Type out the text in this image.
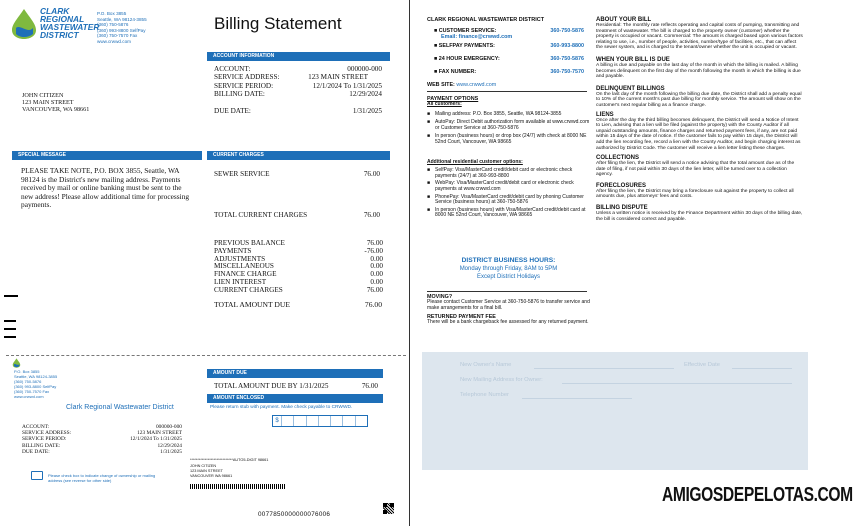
CLARK
REGIONAL
WASTEWATER
DISTRICT
P.O. Box 3855
Seattle, WA 98124-3855
(360) 750-5876
(360) 993-8800 SelfPay
(360) 750-7570 Fax
www.crwwd.com
Billing Statement
ACCOUNT INFORMATION
ACCOUNT:	000000-000
SERVICE ADDRESS:	123 MAIN STREET
SERVICE PERIOD:	12/1/2024 To 1/31/2025
BILLING DATE:	12/29/2024
DUE DATE:	1/31/2025
JOHN CITIZEN
123 MAIN STREET
VANCOUVER, WA 98661
SPECIAL MESSAGE
PLEASE TAKE NOTE, P.O. BOX 3855, Seattle, WA 98124 is the District's new mailing address. Payments received by mail or online banking must be sent to the new address! Please allow additional time for processing payments.
CURRENT CHARGES
SEWER SERVICE	76.00
TOTAL CURRENT CHARGES	76.00
PREVIOUS BALANCE	76.00
PAYMENTS	-76.00
ADJUSTMENTS	0.00
MISCELLANEOUS	0.00
FINANCE CHARGE	0.00
LIEN INTEREST	0.00
CURRENT CHARGES	76.00
TOTAL AMOUNT DUE	76.00
P.O. Box 3855
Seattle, WA 98124-3855
(360) 750-5876
(360) 993-8800 SelfPay
(360) 750-7570 Fax
www.crwwd.com
Clark Regional Wastewater District
ACCOUNT:	000000-000
SERVICE ADDRESS:	123 MAIN STREET
SERVICE PERIOD:	12/1/2024 To 1/31/2025
BILLING DATE:	12/29/2024
DUE DATE:	1/31/2025
AMOUNT DUE
TOTAL AMOUNT DUE BY 1/31/2025	76.00
AMOUNT ENCLOSED
Please return stub with payment. Make check payable to CRWWD.
$
Please check box to indicate change of ownership or mailing address (see reverse for other side)
*****************************AUTO5-DIGIT 98661
JOHN CITIZEN
123 MAIN STREET
VANCOUVER WA 98661
0077850000000076006
CLARK REGIONAL WASTEWATER DISTRICT
■ CUSTOMER SERVICE:
Email: finance@crwwd.com
360-750-5876
■ SELFPAY PAYMENTS:	360-993-8800
■ 24 HOUR EMERGENCY:	360-750-5876
■ FAX NUMBER:	360-750-7570
WEB SITE: www.crwwd.com
PAYMENT OPTIONS
All customers:
■ Mailing address: P.O. Box 3855, Seattle, WA 98124-3855
■ AutoPay: Direct Debit authorization form available at www.crwwd.com or Customer Service at 360-750-5876
■ In person (business hours) or drop box (24/7) with check at 8000 NE 52nd Court, Vancouver, WA 98665
Additional residential customer options:
■ SelfPay: Visa/MasterCard credit/debit card or electronic check payments (24/7) at 360-993-8800
■ WebPay: Visa/MasterCard credit/debit card or electronic check payments at www.crwwd.com
■ PhonePay: Visa/MasterCard credit/debit card by phoning Customer Service (business hours) at 360-750-5876
■ In person (business hours) with Visa/MasterCard credit/debit card at 8000 NE 52nd Court, Vancouver, WA 98665
DISTRICT BUSINESS HOURS:
Monday through Friday, 8AM to 5PM
Except District Holidays
MOVING?
Please contact Customer Service at 360-750-5876 to transfer service and make arrangements for a final bill.
RETURNED PAYMENT FEE
There will be a bank chargeback fee assessed for any returned payment.
ABOUT YOUR BILL
Residential: The monthly rate reflects operating and capital costs of pumping, transmitting and treatment of wastewater. The bill is charged to the property owner (customer) whether the property is occupied or vacant. Commercial: The amount is charged based upon various factors relating to use, i.e., number of people, activities, number/type of facilities, etc., that can affect the sewer system, and is charged to the tenant/owner whether the unit is occupied or vacant.
WHEN YOUR BILL IS DUE
A billing is due and payable on the last day of the month in which the billing is mailed. A billing becomes delinquent on the first day of the month following the month in which the billing is due and payable.
DELINQUENT BILLINGS
On the last day of the month following the billing due date, the District shall add a penalty equal to 10% of the current month's past due billing for monthly service. The amount will show on the customer's next regular billing as a finance charge.
LIENS
Once after the day the third billing becomes delinquent, the District will send a Notice of Intent to Lien, advising that a lien will be filed (against the property) with the County Auditor if all unpaid outstanding amounts, finance charges and returned payment fees, if any, are not paid within 15 days of the date of notice. If the customer fails to pay within 15 days, the District will add the lien recording fee, record a lien with the County Auditor, and begin charging interest as authorized by District Code. The customer will receive a lien letter listing these charges.
COLLECTIONS
After filing the lien, the District will send a notice advising that the total amount due as of the date of filing, if not paid within 30 days of the lien letter, will be turned over to a collection agency.
FORECLOSURES
After filing the lien, the District may bring a foreclosure suit against the property to collect all amounts due, plus attorneys' fees and costs.
BILLING DISPUTE
Unless a written notice is received by the Finance Department within 30 days of the billing date, the bill is considered correct and payable.
New Owner's Name	Effective Date
New Mailing Address for Owner:
Telephone Number
AMIGOSDEPELOTAS.COM
